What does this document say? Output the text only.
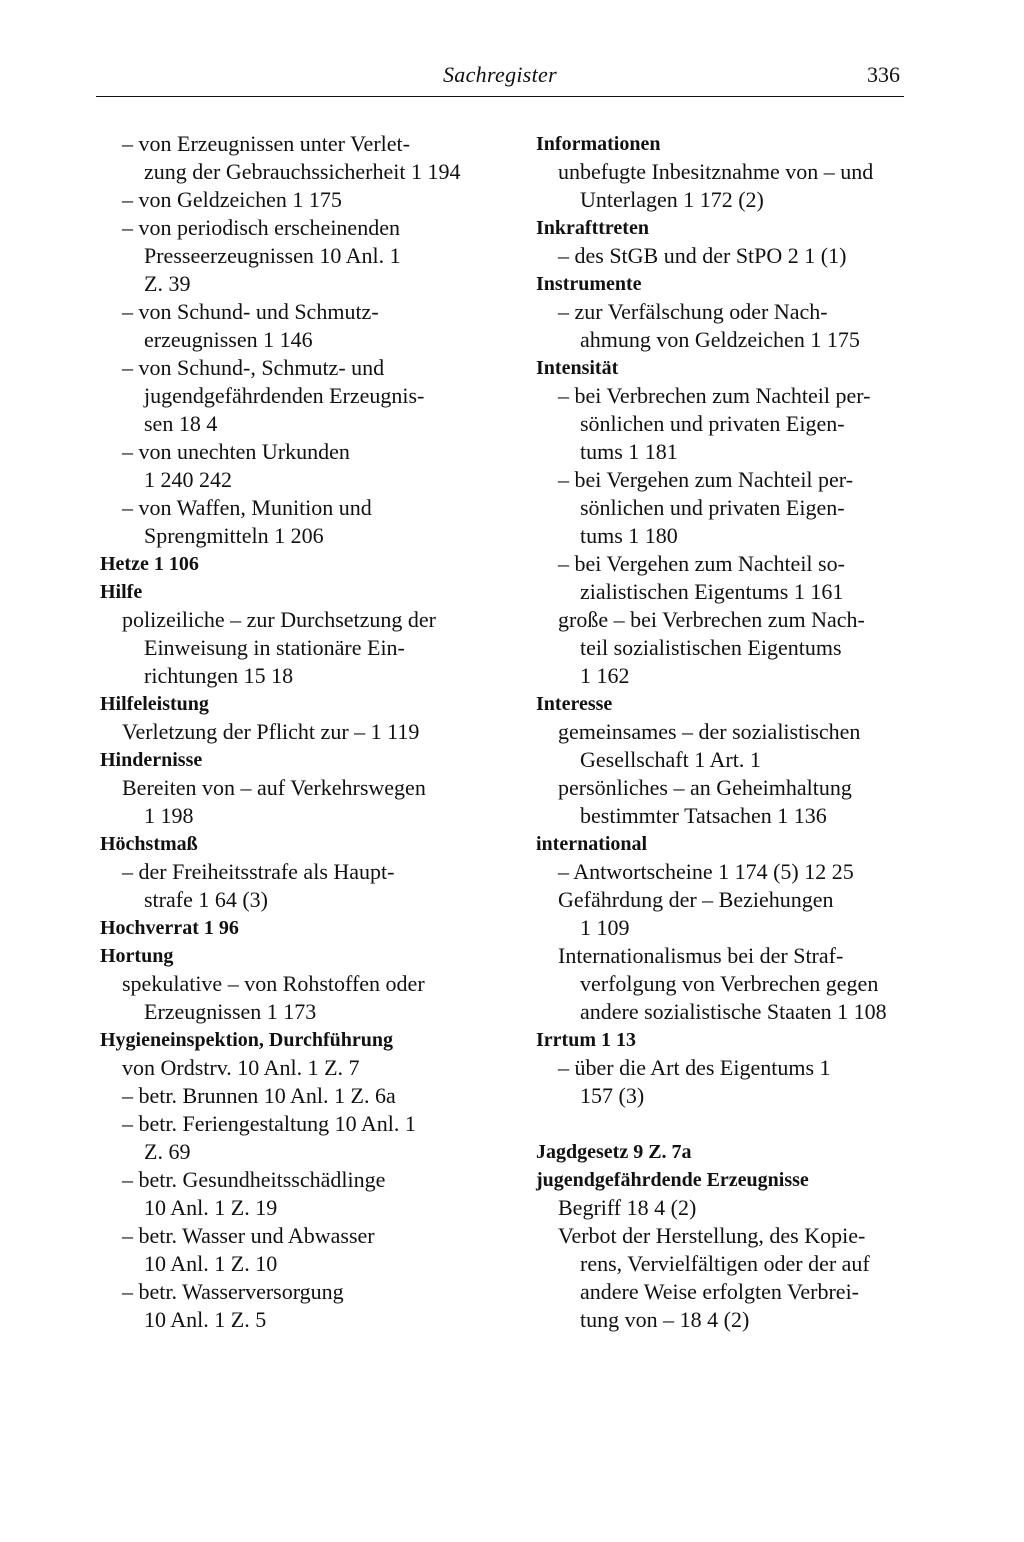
Sachregister	336
– von Erzeugnissen unter Verlet-
zung der Gebrauchssicherheit 1 194
– von Geldzeichen 1 175
– von periodisch erscheinenden
Presseerzeugnissen 10 Anl. 1
Z. 39
– von Schund- und Schmutz-
erzeugnissen 1 146
– von Schund-, Schmutz- und
jugendgefährdenden Erzeugnis-
sen 18 4
– von unechten Urkunden
1 240 242
– von Waffen, Munition und
Sprengmitteln 1 206
Hetze 1 106
Hilfe
polizeiliche – zur Durchsetzung der
Einweisung in stationäre Ein-
richtungen 15 18
Hilfeleistung
Verletzung der Pflicht zur – 1 119
Hindernisse
Bereiten von – auf Verkehrswegen
1 198
Höchstmaß
– der Freiheitsstrafe als Haupt-
strafe 1 64 (3)
Hochverrat 1 96
Hortung
spekulative – von Rohstoffen oder
Erzeugnissen 1 173
Hygieneinspektion, Durchführung
von Ordstrv. 10 Anl. 1 Z. 7
– betr. Brunnen 10 Anl. 1 Z. 6a
– betr. Feriengestaltung 10 Anl. 1
Z. 69
– betr. Gesundheitsschädlinge
10 Anl. 1 Z. 19
– betr. Wasser und Abwasser
10 Anl. 1 Z. 10
– betr. Wasserversorgung
10 Anl. 1 Z. 5
Informationen
unbefugte Inbesitznahme von – und
Unterlagen 1 172 (2)
Inkrafttreten
– des StGB und der StPO 2 1 (1)
Instrumente
– zur Verfälschung oder Nach-
ahmung von Geldzeichen 1 175
Intensität
– bei Verbrechen zum Nachteil per-
sönlichen und privaten Eigen-
tums 1 181
– bei Vergehen zum Nachteil per-
sönlichen und privaten Eigen-
tums 1 180
– bei Vergehen zum Nachteil so-
zialistischen Eigentums 1 161
große – bei Verbrechen zum Nach-
teil sozialistischen Eigentums
1 162
Interesse
gemeinsames – der sozialistischen
Gesellschaft 1 Art. 1
persönliches – an Geheimhaltung
bestimmter Tatsachen 1 136
international
– Antwortscheine 1 174 (5) 12 25
Gefährdung der – Beziehungen
1 109
Internationalismus bei der Straf-
verfolgung von Verbrechen gegen
andere sozialistische Staaten 1 108
Irrtum 1 13
– über die Art des Eigentums 1
157 (3)
Jagdgesetz 9 Z. 7a
jugendgefährdende Erzeugnisse
Begriff 18 4 (2)
Verbot der Herstellung, des Kopie-
rens, Vervielfältigen oder der auf
andere Weise erfolgten Verbrei-
tung von – 18 4 (2)
